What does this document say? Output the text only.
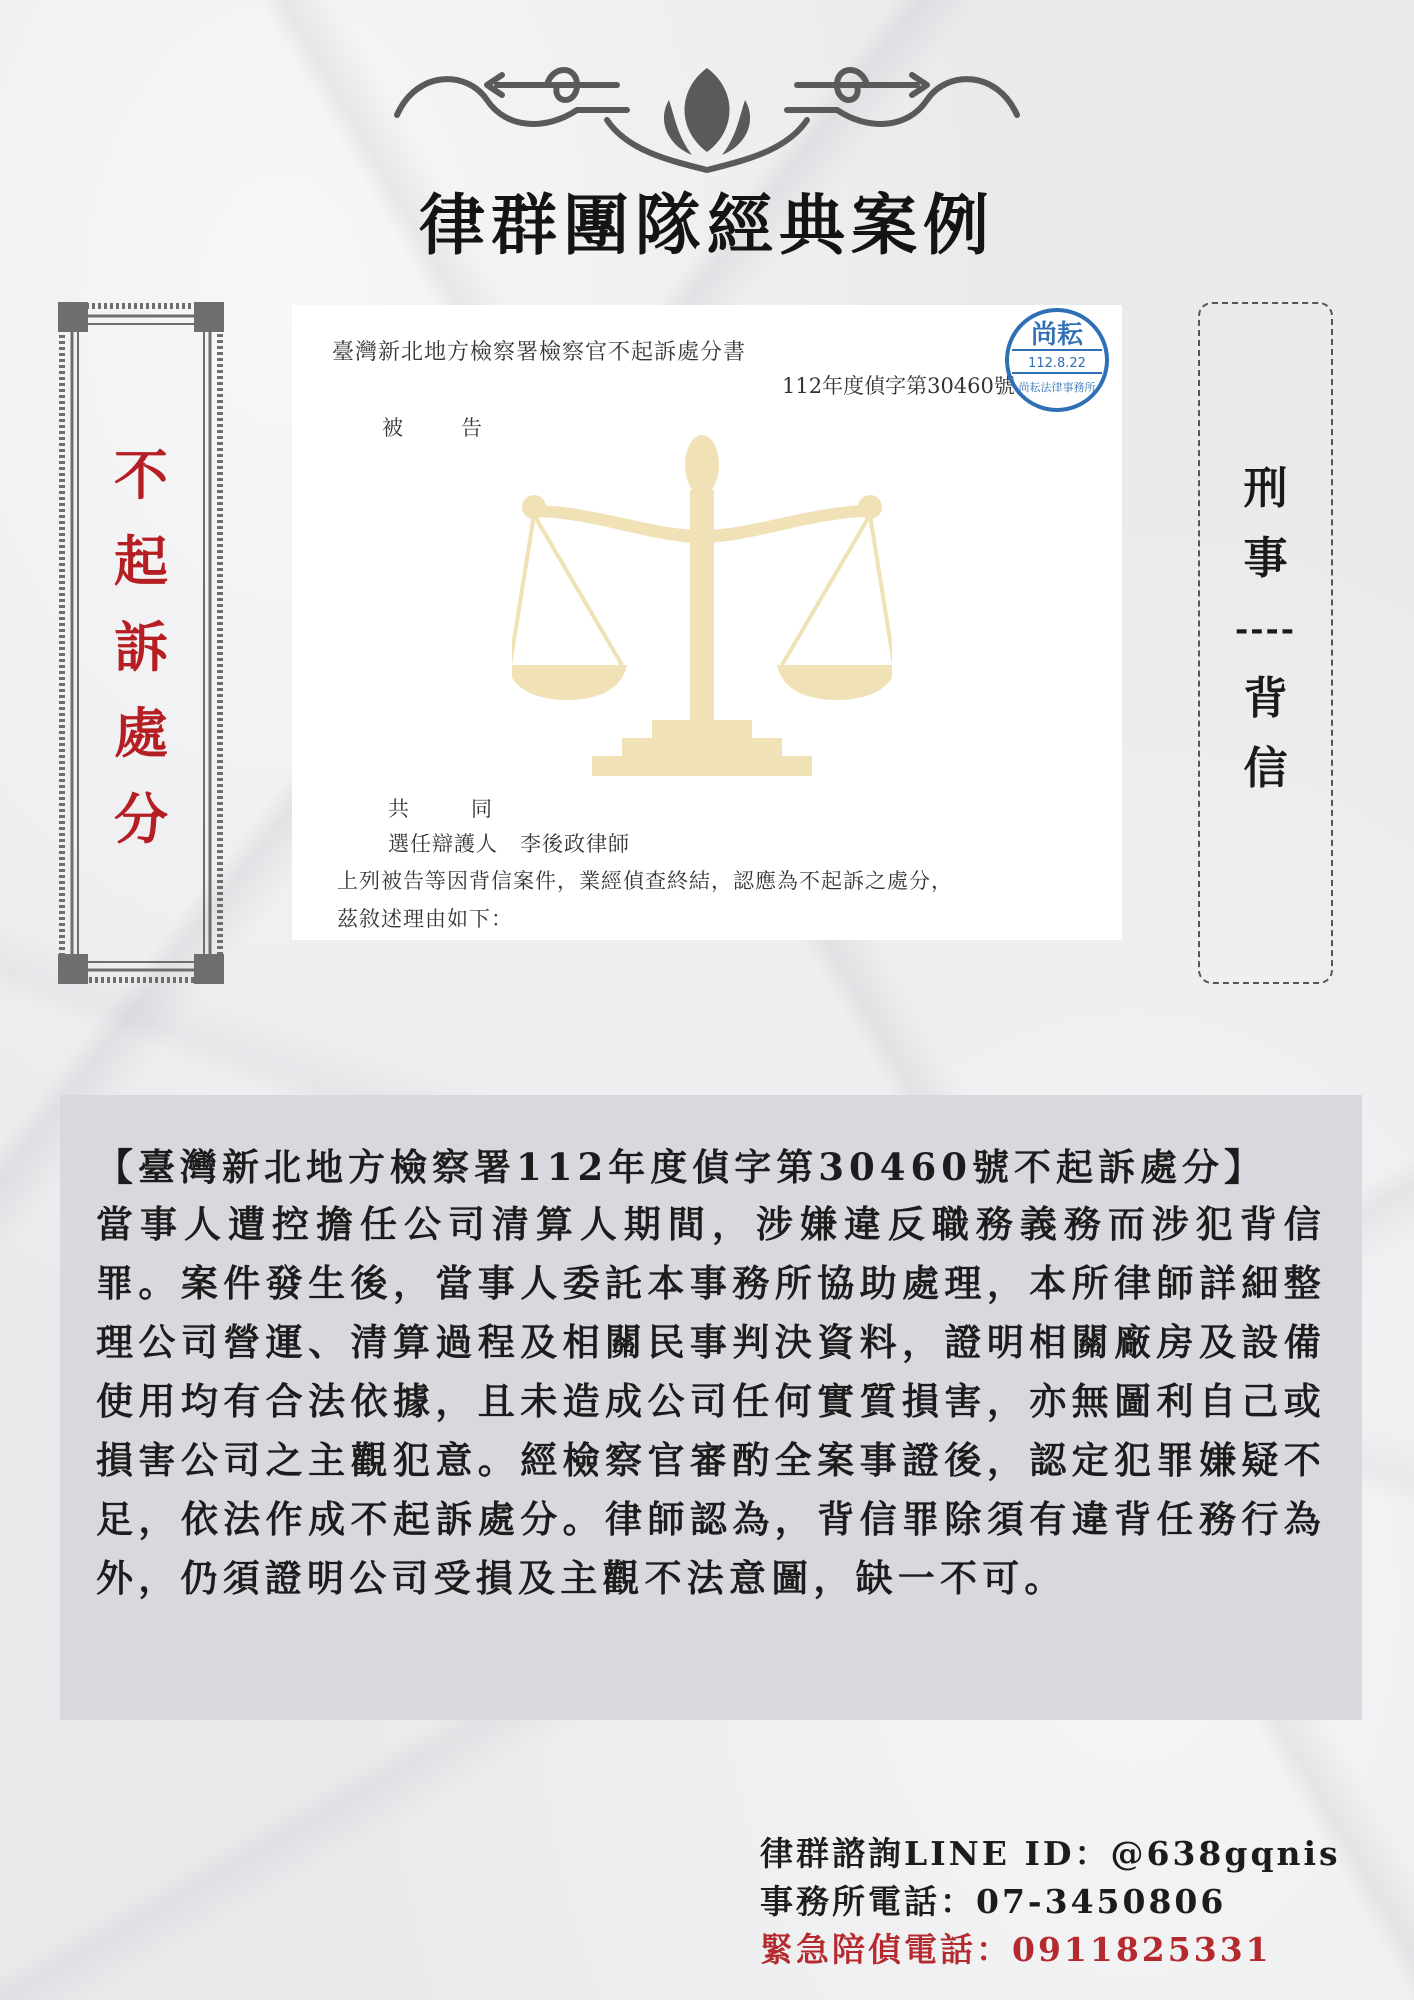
律群團隊經典案例
不
起
訴
處
分
臺灣新北地方檢察署檢察官不起訴處分書
112年度偵字第30460號
被告
共同
選任辯護人　李後政律師
上列被告等因背信案件，業經偵查終結，認應為不起訴之處分，
茲敘述理由如下：
尚耘
112.8.22
尚耘法律事務所
刑
事
----
背
信
【臺灣新北地方檢察署112年度偵字第30460號不起訴處分】
當事人遭控擔任公司清算人期間，涉嫌違反職務義務而涉犯背信罪。案件發生後，當事人委託本事務所協助處理，本所律師詳細整理公司營運、清算過程及相關民事判決資料，證明相關廠房及設備使用均有合法依據，且未造成公司任何實質損害，亦無圖利自己或損害公司之主觀犯意。經檢察官審酌全案事證後，認定犯罪嫌疑不足，依法作成不起訴處分。律師認為，背信罪除須有違背任務行為外，仍須證明公司受損及主觀不法意圖，缺一不可。
律群諮詢LINE ID：@638gqnis
事務所電話：07-3450806
緊急陪偵電話：0911825331
